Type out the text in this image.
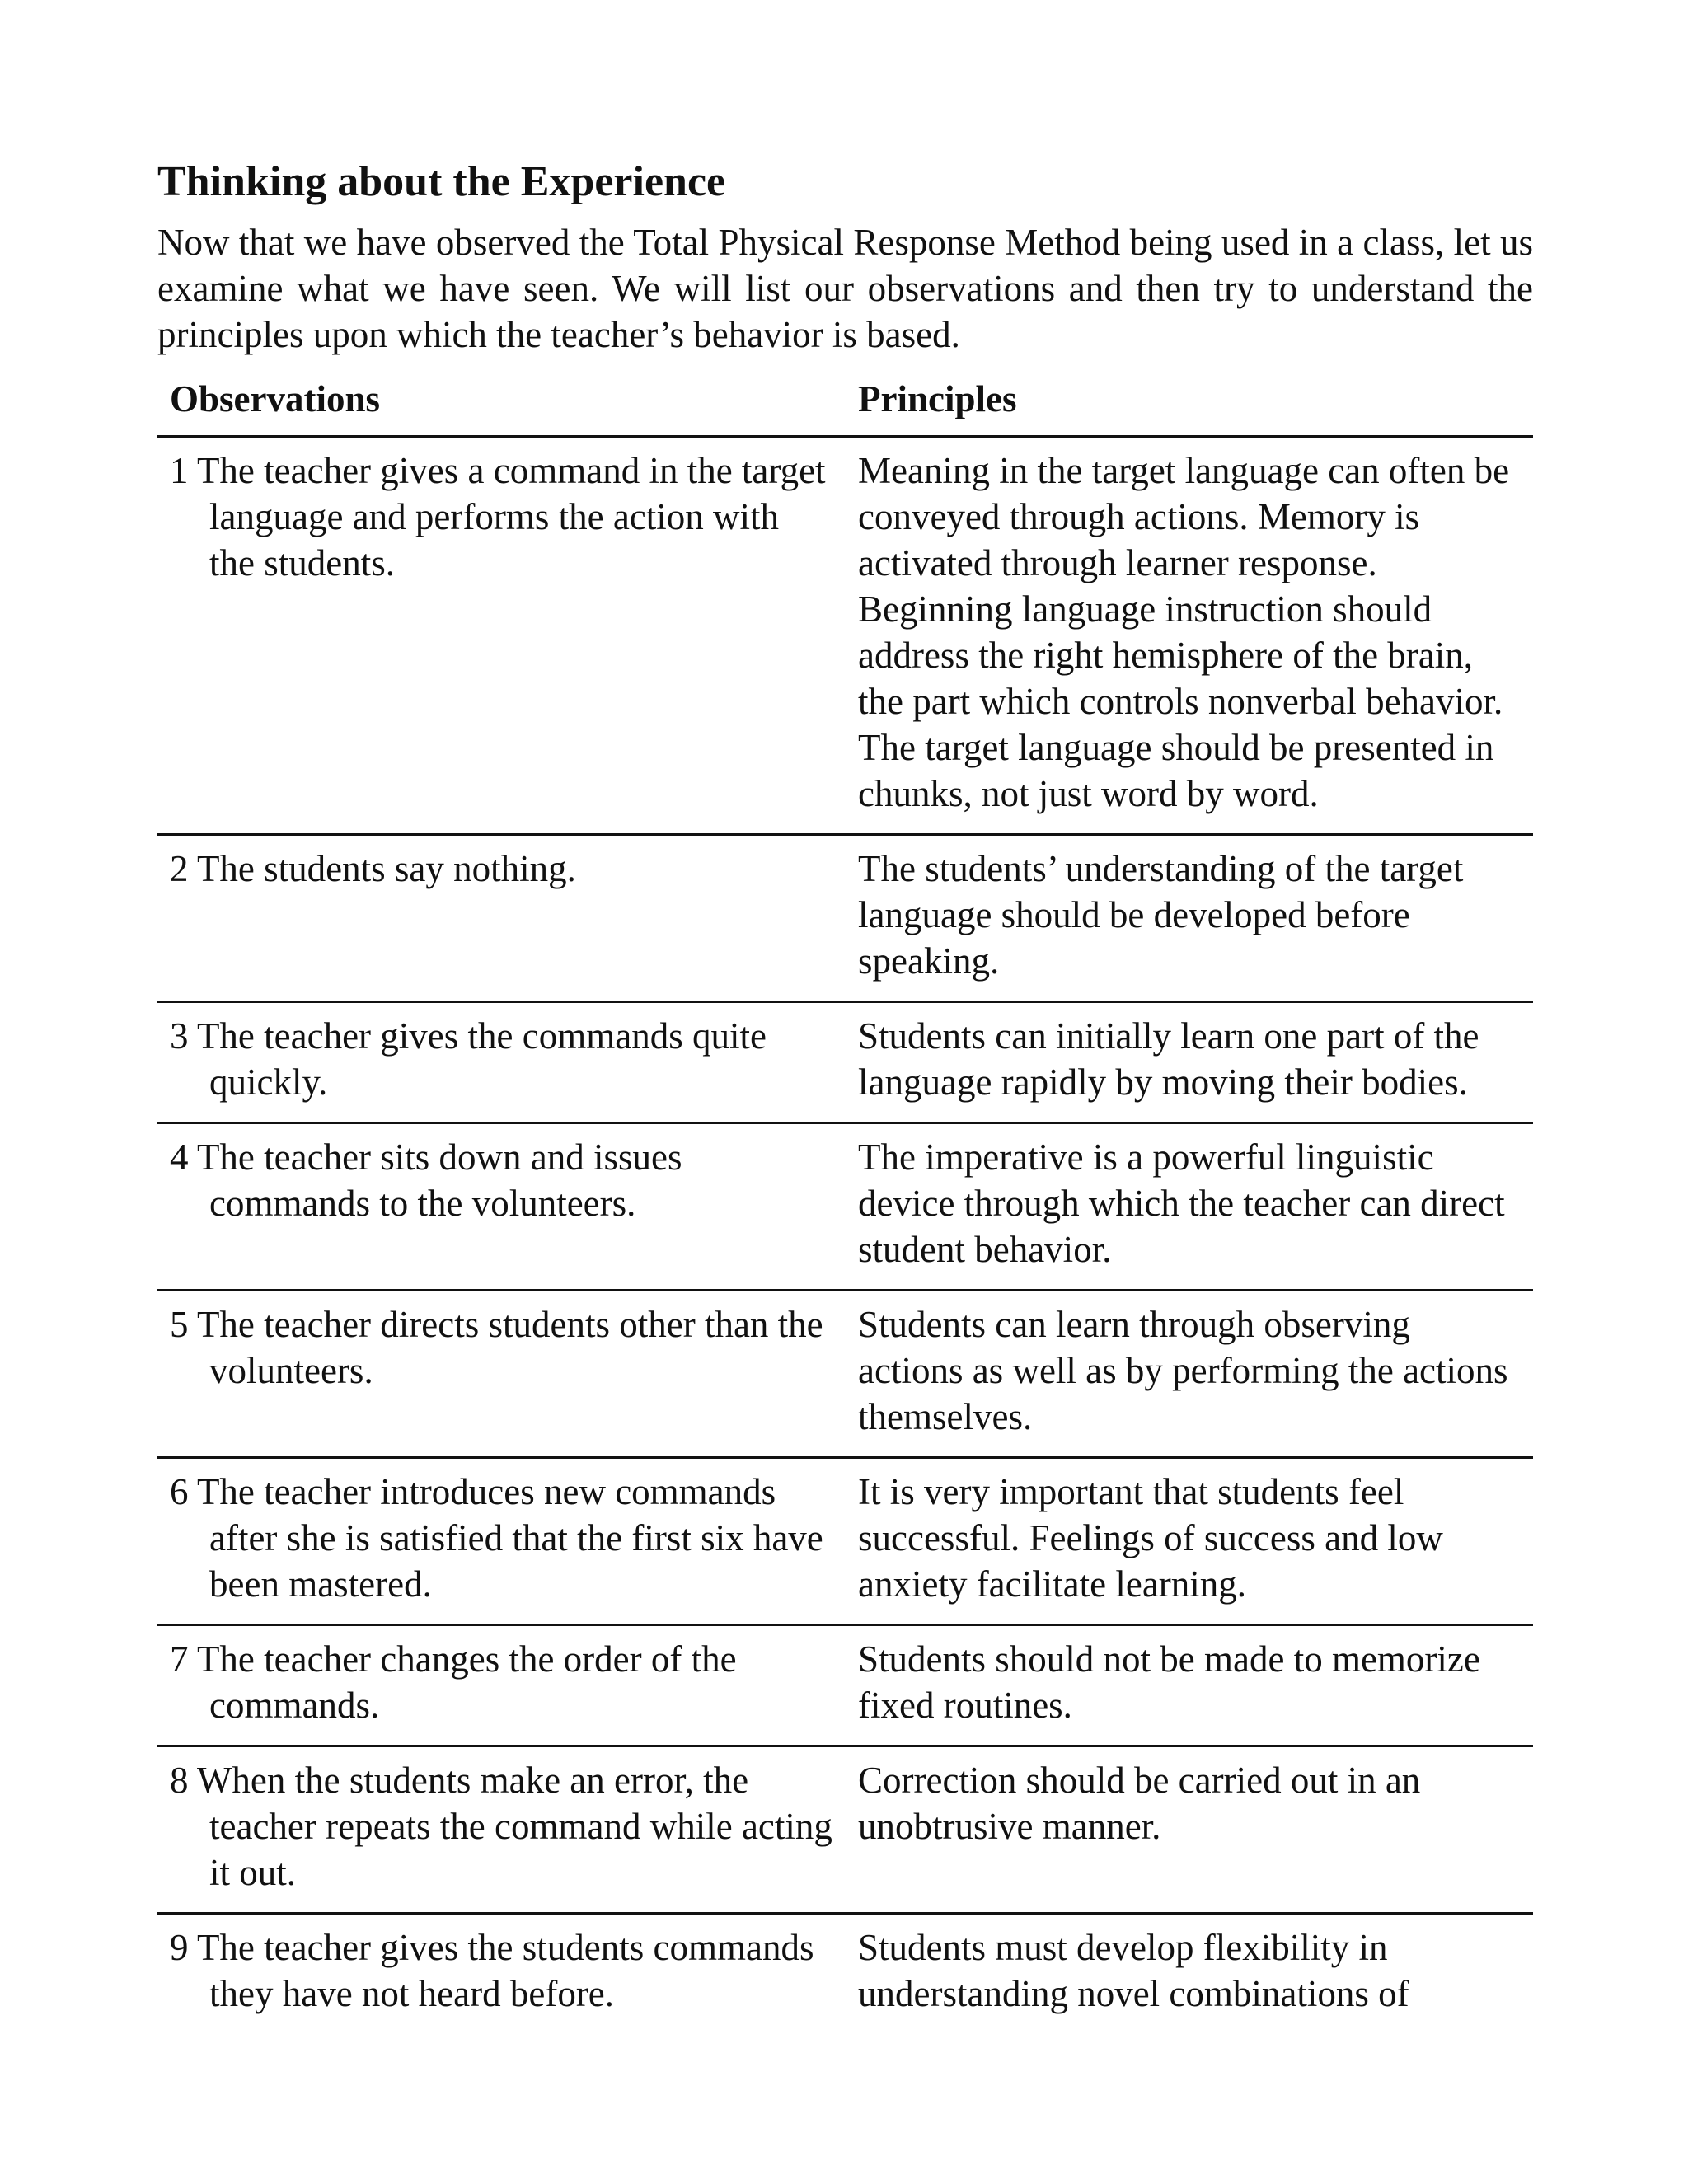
Thinking about the Experience

Now that we have observed the Total Physical Response Method being used in a class, let us examine what we have seen. We will list our observations and then try to understand the principles upon which the teacher’s behavior is based.

Observations	Principles
1 The teacher gives a command in the target language and performs the action with the students.	Meaning in the target language can often be conveyed through actions. Memory is activated through learner response. Beginning language instruction should address the right hemisphere of the brain, the part which controls nonverbal behavior. The target language should be presented in chunks, not just word by word.
2 The students say nothing.	The students’ understanding of the target language should be developed before speaking.
3 The teacher gives the commands quite quickly.	Students can initially learn one part of the language rapidly by moving their bodies.
4 The teacher sits down and issues commands to the volunteers.	The imperative is a powerful linguistic device through which the teacher can direct student behavior.
5 The teacher directs students other than the volunteers.	Students can learn through observing actions as well as by performing the actions themselves.
6 The teacher introduces new commands after she is satisfied that the first six have been mastered.	It is very important that students feel successful. Feelings of success and low anxiety facilitate learning.
7 The teacher changes the order of the commands.	Students should not be made to memorize fixed routines.
8 When the students make an error, the teacher repeats the command while acting it out.	Correction should be carried out in an unobtrusive manner.
9 The teacher gives the students commands they have not heard before.	Students must develop flexibility in understanding novel combinations of
